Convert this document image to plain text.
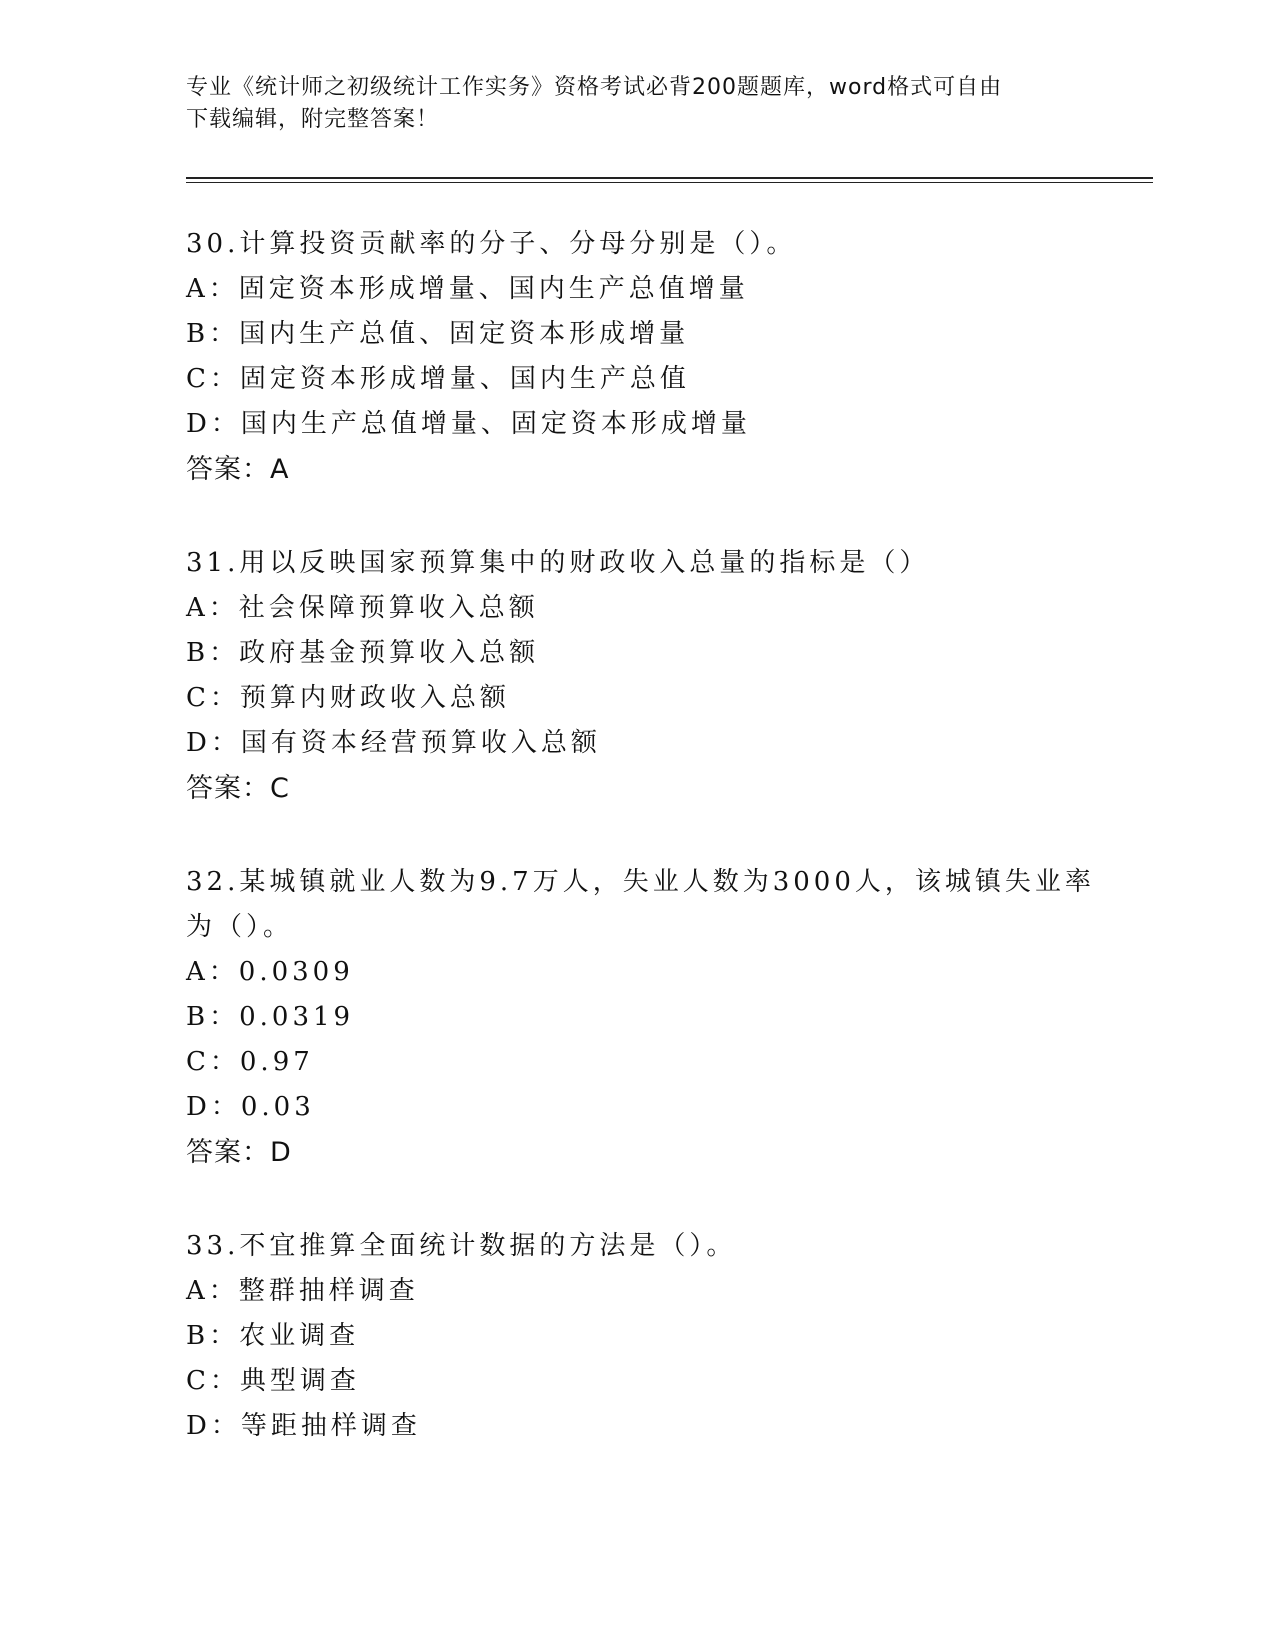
专业《统计师之初级统计工作实务》资格考试必背200题题库，word格式可自由
下载编辑，附完整答案！
30.计算投资贡献率的分子、分母分别是（）。
A：固定资本形成增量、国内生产总值增量
B：国内生产总值、固定资本形成增量
C：固定资本形成增量、国内生产总值
D：国内生产总值增量、固定资本形成增量
答案：A
31.用以反映国家预算集中的财政收入总量的指标是（）
A：社会保障预算收入总额
B：政府基金预算收入总额
C：预算内财政收入总额
D：国有资本经营预算收入总额
答案：C
32.某城镇就业人数为9.7万人，失业人数为3000人，该城镇失业率
为（）。
A：0.0309
B：0.0319
C：0.97
D：0.03
答案：D
33.不宜推算全面统计数据的方法是（）。
A：整群抽样调查
B：农业调查
C：典型调查
D：等距抽样调查
